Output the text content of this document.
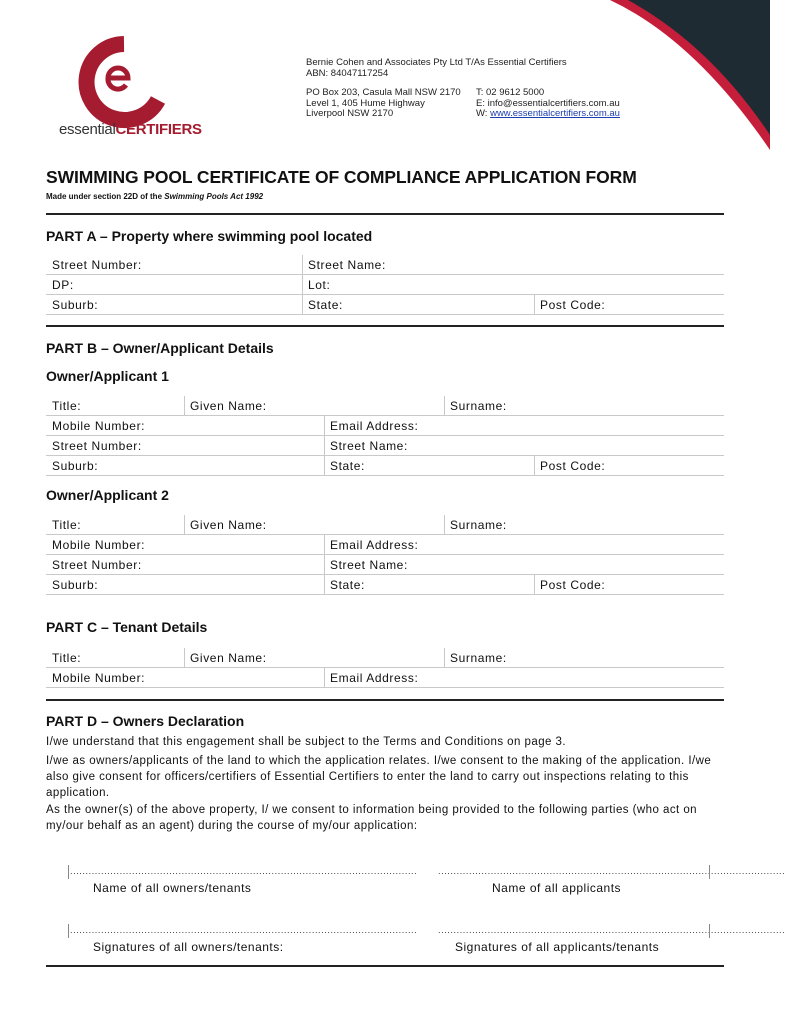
essentialCERTIFIERS
Bernie Cohen and Associates Pty Ltd T/As Essential Certifiers
ABN: 84047117254
PO Box 203, Casula Mall NSW 2170
Level 1, 405 Hume Highway
Liverpool NSW 2170
T: 02 9612 5000
E: info@essentialcertifiers.com.au
W: www.essentialcertifiers.com.au
SWIMMING POOL CERTIFICATE OF COMPLIANCE APPLICATION FORM
Made under section 22D of the Swimming Pools Act 1992
PART A – Property where swimming pool located
Street Number:	Street Name:
DP:	Lot:
Suburb:	State:	Post Code:
PART B – Owner/Applicant Details
Owner/Applicant 1
Title:	Given Name:	Surname:
Mobile Number:	Email Address:
Street Number:	Street Name:
Suburb:	State:	Post Code:
Owner/Applicant 2
Title:	Given Name:	Surname:
Mobile Number:	Email Address:
Street Number:	Street Name:
Suburb:	State:	Post Code:
PART C – Tenant Details
Title:	Given Name:	Surname:
Mobile Number:	Email Address:
PART D – Owners Declaration
I/we understand that this engagement shall be subject to the Terms and Conditions on page 3.
I/we as owners/applicants of the land to which the application relates. I/we consent to the making of the application. I/we also give consent for officers/certifiers of Essential Certifiers to enter the land to carry out inspections relating to this application.
As the owner(s) of the above property, I/ we consent to information being provided to the following parties (who act on my/our behalf as an agent) during the course of my/our application:
................................................................................................................
Name of all owners/tenants
................................................................................................................
Name of all applicants
................................................................................................................
Signatures of all owners/tenants:
................................................................................................................
Signatures of all applicants/tenants
